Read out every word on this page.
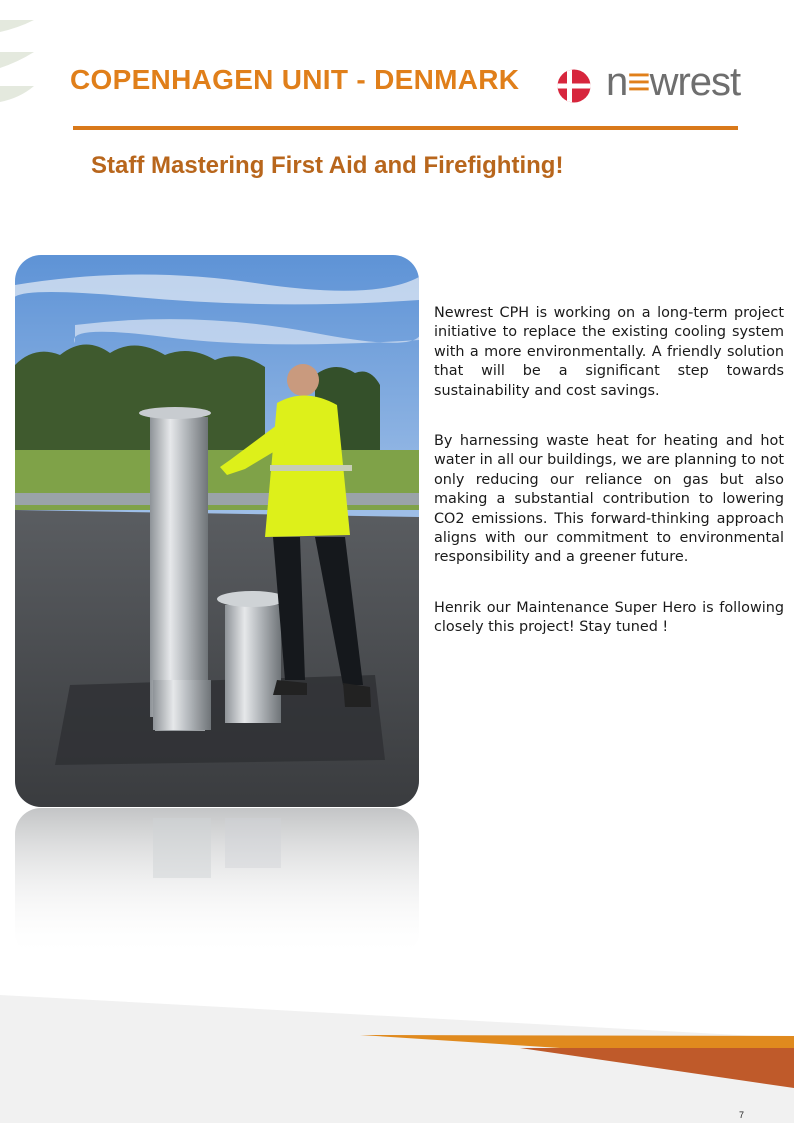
COPENHAGEN UNIT - DENMARK n≡wrest
Staff Mastering First Aid and Firefighting!

Newrest CPH is working on a long-term project initiative to replace the existing cooling system with a more environmentally. A friendly solution that will be a significant step towards sustainability and cost savings.

By harnessing waste heat for heating and hot water in all our buildings, we are planning to not only reducing our reliance on gas but also making a substantial contribution to lowering CO2 emissions. This forward-thinking approach aligns with our commitment to environmental responsibility and a greener future.

Henrik our Maintenance Super Hero is following closely this project! Stay tuned !

7
